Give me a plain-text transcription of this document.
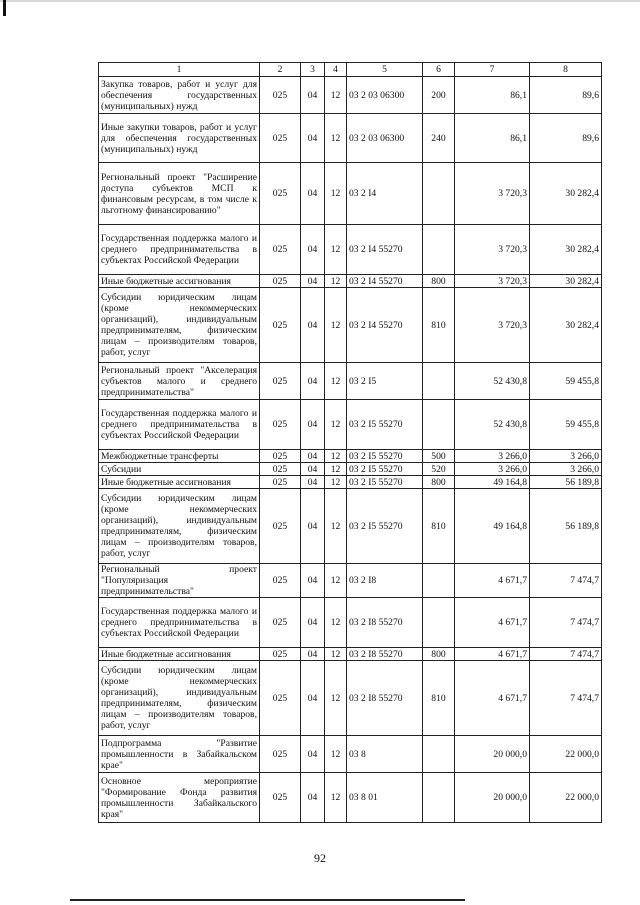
1	2	3	4	5	6	7	8
Закупка товаров, работ и услуг для обеспечения государственных (муниципальных) нужд	025	04	12	03 2 03 06300	200	86,1	89,6
Иные закупки товаров, работ и услуг для обеспечения государственных (муниципальных) нужд	025	04	12	03 2 03 06300	240	86,1	89,6
Региональный проект "Расширение доступа субъектов МСП к финансовым ресурсам, в том числе к льготному финансированию"	025	04	12	03 2 I4		3 720,3	30 282,4
Государственная поддержка малого и среднего предпринимательства в субъектах Российской Федерации	025	04	12	03 2 I4 55270		3 720,3	30 282,4
Иные бюджетные ассигнования	025	04	12	03 2 I4 55270	800	3 720,3	30 282,4
Субсидии юридическим лицам (кроме некоммерческих организаций), индивидуальным предпринимателям, физическим лицам – производителям товаров, работ, услуг	025	04	12	03 2 I4 55270	810	3 720,3	30 282,4
Региональный проект "Акселерация субъектов малого и среднего предпринимательства"	025	04	12	03 2 I5		52 430,8	59 455,8
Государственная поддержка малого и среднего предпринимательства в субъектах Российской Федерации	025	04	12	03 2 I5 55270		52 430,8	59 455,8
Межбюджетные трансферты	025	04	12	03 2 I5 55270	500	3 266,0	3 266,0
Субсидии	025	04	12	03 2 I5 55270	520	3 266,0	3 266,0
Иные бюджетные ассигнования	025	04	12	03 2 I5 55270	800	49 164,8	56 189,8
Субсидии юридическим лицам (кроме некоммерческих организаций), индивидуальным предпринимателям, физическим лицам – производителям товаров, работ, услуг	025	04	12	03 2 I5 55270	810	49 164,8	56 189,8
Региональный проект "Популяризация предпринимательства"	025	04	12	03 2 I8		4 671,7	7 474,7
Государственная поддержка малого и среднего предпринимательства в субъектах Российской Федерации	025	04	12	03 2 I8 55270		4 671,7	7 474,7
Иные бюджетные ассигнования	025	04	12	03 2 I8 55270	800	4 671,7	7 474,7
Субсидии юридическим лицам (кроме некоммерческих организаций), индивидуальным предпринимателям, физическим лицам – производителям товаров, работ, услуг	025	04	12	03 2 I8 55270	810	4 671,7	7 474,7
Подпрограмма "Развитие промышленности в Забайкальском крае"	025	04	12	03 8		20 000,0	22 000,0
Основное мероприятие "Формирование Фонда развития промышленности Забайкальского края"	025	04	12	03 8 01		20 000,0	22 000,0
92
